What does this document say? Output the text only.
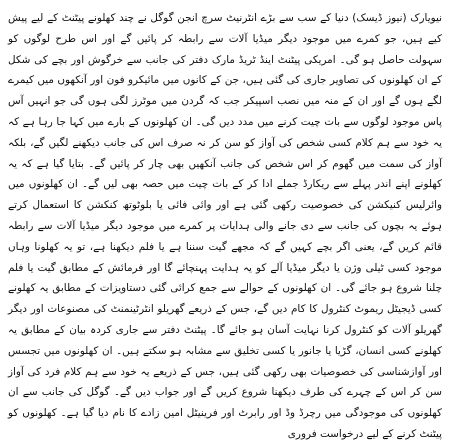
نیویارک (نیوز ڈیسک) دنیا کے سب سے بڑے انٹرنیٹ سرچ انجن گوگل نے چند کھلونے پیٹنٹ کے لیے پیش کیے ہیں، جو کمرے میں موجود دیگر میڈیا آلات سے رابطہ کر پائیں گے اور اس طرح لوگوں کو سہولت حاصل ہو گی۔ امریکی پیٹنٹ اینڈ ٹریڈ مارک دفتر کی جانب سے خرگوش اور بچے کی شکل کے ان کھلونوں کی تصاویر جاری کی گئی ہیں، جن کے کانوں میں مائیکرو فون اور آنکھوں میں کیمرے لگے ہوں گے اور ان کے منہ میں نصب اسپیکر جب کہ گردن میں موٹرز لگی ہوں گی جو انہیں آس پاس موجود لوگوں سے بات چیت کرنے میں مدد دیں گی۔ ان کھلونوں کے بارے میں کہا جا رہا ہے کہ یہ خود سے ہم کلام کسی شخص کی آواز کو سن کر نہ صرف اس کی جانب دیکھنے لگیں گے، بلکہ آواز کی سمت میں گھوم کر اس شخص کی جانب آنکھیں بھی چار کر پائیں گے۔ بتایا گیا ہے کہ یہ کھلونے اپنے اندر پہلے سے ریکارڈ جملے ادا کر کے بات چیت میں حصہ بھی لیں گے۔ ان کھلونوں میں وائرلیس کنیکشن کی خصوصیت رکھی گئی ہے اور وائی فائی یا بلوٹوتھ کنکشن کا استعمال کرتے ہوئے یہ بچوں کی جانب سے دی جانے والی ہدایات پر کمرے میں موجود دیگر میڈیا آلات سے رابطہ قائم کریں گے، یعنی اگر بچے کہیں گے کہ مجھے گیت سننا ہے یا فلم دیکھنا ہے، تو یہ کھلونا وہاں موجود کسی ٹیلی وژن یا دیگر میڈیا آلے کو یہ ہدایت پہنچائے گا اور فرمائش کے مطابق گیت یا فلم چلنا شروع ہو جائے گی۔ ان کھلونوں کے حوالے سے جمع کرائی گئی دستاویزات کے مطابق یہ کھلونے کسی ڈیجیٹل ریموٹ کنٹرول کا کام دیں گے، جس کے ذریعے گھریلو انٹرٹینمنٹ کی مصنوعات اور دیگر گھریلو آلات کو کنٹرول کرنا نہایت آسان ہو جائے گا۔ پیٹنٹ دفتر سے جاری کردہ بیان کے مطابق یہ کھلونے کسی انسان، گڑیا یا جانور یا کسی تخلیق سے مشابہ ہو سکتے ہیں۔ ان کھلونوں میں تجسس اور آوازشناسی کی خصوصیات بھی رکھی گئی ہیں، جس کے ذریعے یہ خود سے ہم کلام فرد کی آواز سن کر اس کے چہرے کی طرف دیکھنا شروع کریں گے اور جواب دیں گے۔ گوگل کی جانب سے ان کھلونوں کی موجودگی میں رچرڈ وڈ اور رابرٹ اور فرینیٹل امین زادے کا نام دیا گیا ہے۔ کھلونوں کو پیٹنٹ کرنے کے لیے درخواست فروری
